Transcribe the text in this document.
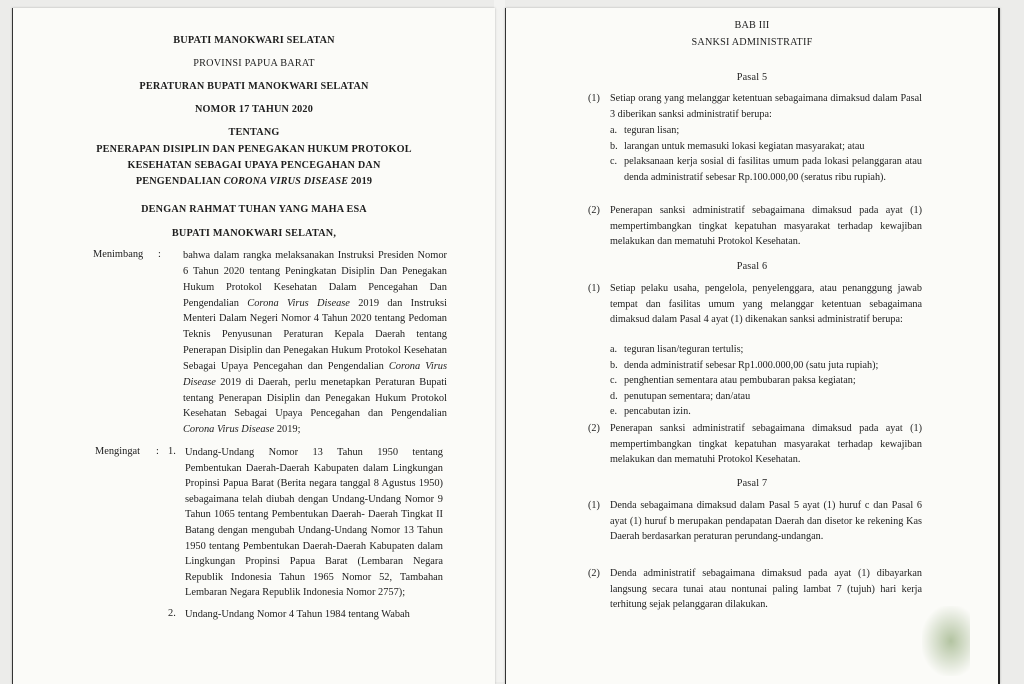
BUPATI MANOKWARI SELATAN
PROVINSI PAPUA BARAT
PERATURAN BUPATI MANOKWARI SELATAN
NOMOR 17 TAHUN 2020
TENTANG
PENERAPAN DISIPLIN DAN PENEGAKAN HUKUM PROTOKOL
KESEHATAN SEBAGAI UPAYA PENCEGAHAN DAN
PENGENDALIAN CORONA VIRUS DISEASE 2019
DENGAN RAHMAT TUHAN YANG MAHA ESA
BUPATI MANOKWARI SELATAN,
Menimbang : bahwa dalam rangka melaksanakan Instruksi Presiden Nomor 6 Tahun 2020 tentang Peningkatan Disiplin Dan Penegakan Hukum Protokol Kesehatan Dalam Pencegahan Dan Pengendalian Corona Virus Disease 2019 dan Instruksi Menteri Dalam Negeri Nomor 4 Tahun 2020 tentang Pedoman Teknis Penyusunan Peraturan Kepala Daerah tentang Penerapan Disiplin dan Penegakan Hukum Protokol Kesehatan Sebagai Upaya Pencegahan dan Pengendalian Corona Virus Disease 2019 di Daerah, perlu menetapkan Peraturan Bupati tentang Penerapan Disiplin dan Penegakan Hukum Protokol Kesehatan Sebagai Upaya Pencegahan dan Pengendalian Corona Virus Disease 2019;
Mengingat : 1. Undang-Undang Nomor 13 Tahun 1950 tentang Pembentukan Daerah-Daerah Kabupaten dalam Lingkungan Propinsi Papua Barat (Berita negara tanggal 8 Agustus 1950) sebagaimana telah diubah dengan Undang-Undang Nomor 9 Tahun 1065 tentang Pembentukan Daerah- Daerah Tingkat II Batang dengan mengubah Undang-Undang Nomor 13 Tahun 1950 tentang Pembentukan Daerah-Daerah Kabupaten dalam Lingkungan Propinsi Papua Barat (Lembaran Negara Republik Indonesia Tahun 1965 Nomor 52, Tambahan Lembaran Negara Republik Indonesia Nomor 2757);
2. Undang-Undang Nomor 4 Tahun 1984 tentang Wabah
BAB III
SANKSI ADMINISTRATIF
Pasal 5
(1) Setiap orang yang melanggar ketentuan sebagaimana dimaksud dalam Pasal 3 diberikan sanksi administratif berupa:
a. teguran lisan;
b. larangan untuk memasuki lokasi kegiatan masyarakat; atau
c. pelaksanaan kerja sosial di fasilitas umum pada lokasi pelanggaran atau denda administratif sebesar Rp.100.000,00 (seratus ribu rupiah).
(2) Penerapan sanksi administratif sebagaimana dimaksud pada ayat (1) mempertimbangkan tingkat kepatuhan masyarakat terhadap kewajiban melakukan dan mematuhi Protokol Kesehatan.
Pasal 6
(1) Setiap pelaku usaha, pengelola, penyelenggara, atau penanggung jawab tempat dan fasilitas umum yang melanggar ketentuan sebagaimana dimaksud dalam Pasal 4 ayat (1) dikenakan sanksi administratif berupa:
a. teguran lisan/teguran tertulis;
b. denda administratif sebesar Rp1.000.000,00 (satu juta rupiah);
c. penghentian sementara atau pembubaran paksa kegiatan;
d. penutupan sementara; dan/atau
e. pencabutan izin.
(2) Penerapan sanksi administratif sebagaimana dimaksud pada ayat (1) mempertimbangkan tingkat kepatuhan masyarakat terhadap kewajiban melakukan dan mematuhi Protokol Kesehatan.
Pasal 7
(1) Denda sebagaimana dimaksud dalam Pasal 5 ayat (1) huruf c dan Pasal 6 ayat (1) huruf b merupakan pendapatan Daerah dan disetor ke rekening Kas Daerah berdasarkan peraturan perundang-undangan.
(2) Denda administratif sebagaimana dimaksud pada ayat (1) dibayarkan langsung secara tunai atau nontunai paling lambat 7 (tujuh) hari kerja terhitung sejak pelanggaran dilakukan.
